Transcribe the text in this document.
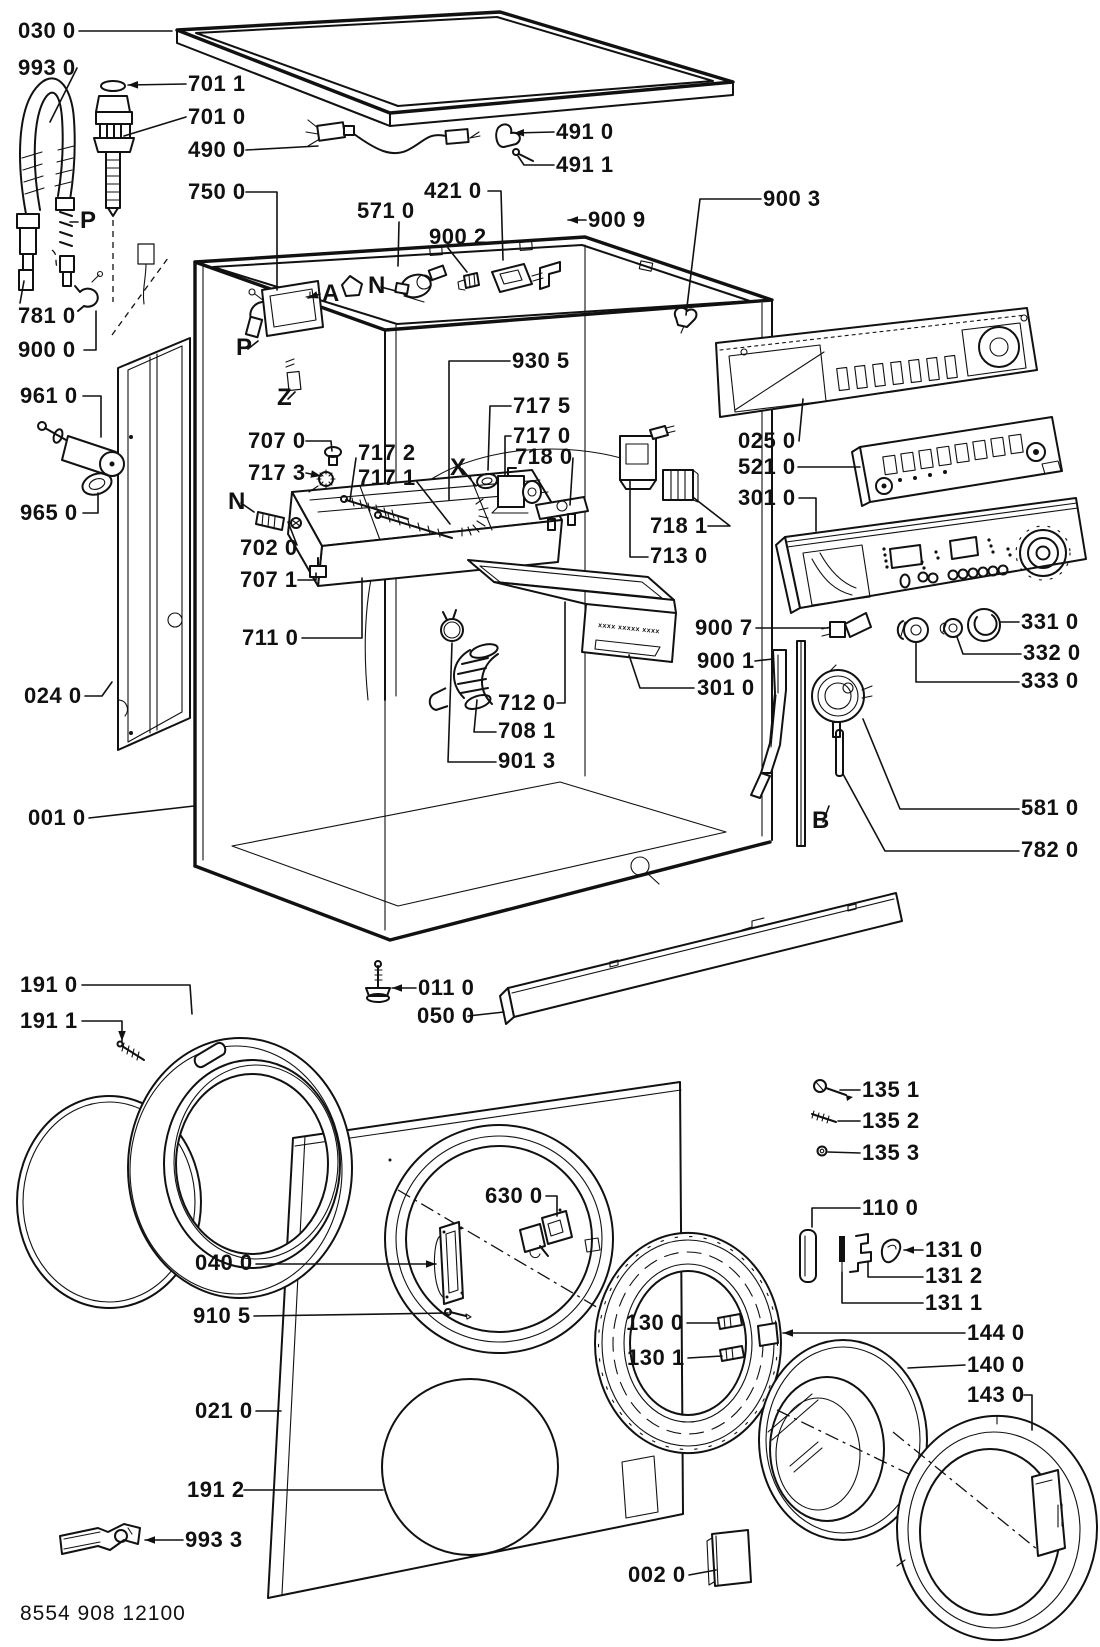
xxxx xxxxx xxxx
030 0
993 0
701 1
701 0
490 0
491 0
491 1
750 0
571 0
421 0
900 2
900 9
900 3
930 5
717 5
717 0
718 0
707 0
717 3
717 2
717 1
702 0
707 1
711 0
024 0
001 0
961 0
965 0
781 0
900 0
025 0
521 0
301 0
900 7
900 1
301 0
331 0
332 0
333 0
581 0
782 0
712 0
708 1
901 3
718 1
713 0
011 0
050 0
191 0
191 1
135 1
135 2
135 3
110 0
131 0
131 2
131 1
144 0
140 0
143 0
630 0
040 0
910 5
021 0
191 2
993 3
130 0
130 1
002 0
P
P
A N
N
Z
X
B
8554 908 12100
